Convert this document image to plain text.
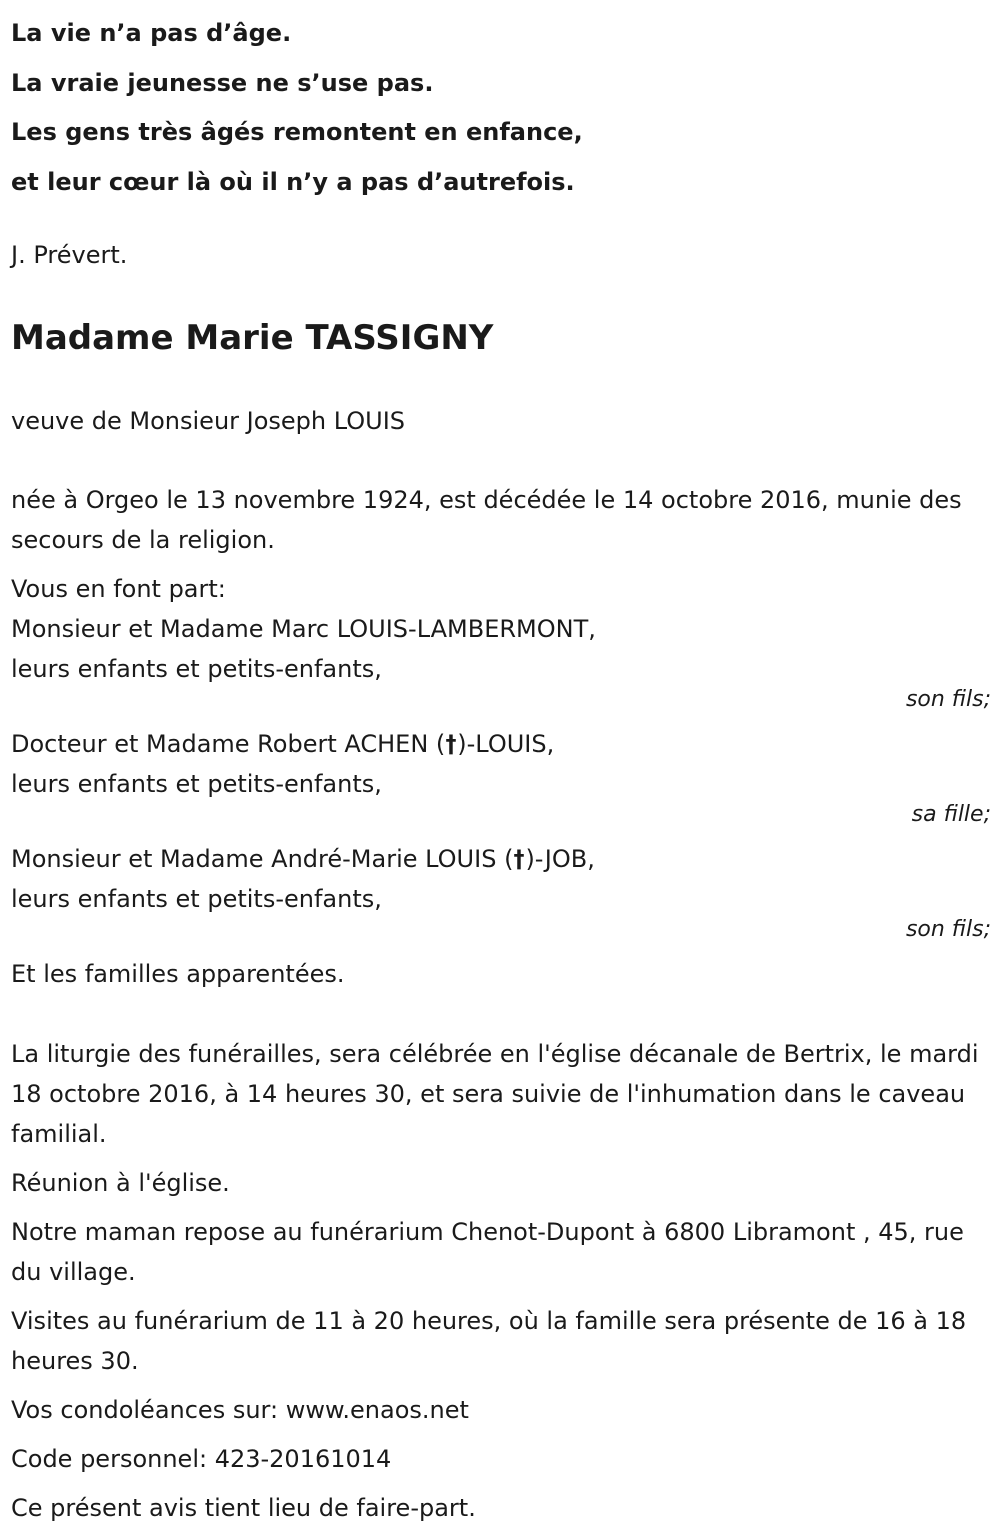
La vie n’a pas d’âge.
La vraie jeunesse ne s’use pas.
Les gens très âgés remontent en enfance,
et leur cœur là où il n’y a pas d’autrefois.
J. Prévert.
Madame Marie TASSIGNY
veuve de Monsieur Joseph LOUIS
née à Orgeo le 13 novembre 1924, est décédée le 14 octobre 2016, munie des secours de la religion.
Vous en font part:
Monsieur et Madame Marc LOUIS-LAMBERMONT,
leurs enfants et petits-enfants,
son fils;
Docteur et Madame Robert ACHEN (†)-LOUIS,
leurs enfants et petits-enfants,
sa fille;
Monsieur et Madame André-Marie LOUIS (†)-JOB,
leurs enfants et petits-enfants,
son fils;
Et les familles apparentées.
La liturgie des funérailles, sera célébrée en l'église décanale de Bertrix, le mardi 18 octobre 2016, à 14 heures 30, et sera suivie de l'inhumation dans le caveau familial.
Réunion à l'église.
Notre maman repose au funérarium Chenot-Dupont à 6800 Libramont , 45, rue du village.
Visites au funérarium de 11 à 20 heures, où la famille sera présente de 16 à 18 heures 30.
Vos condoléances sur: www.enaos.net
Code personnel: 423-20161014
Ce présent avis tient lieu de faire-part.
